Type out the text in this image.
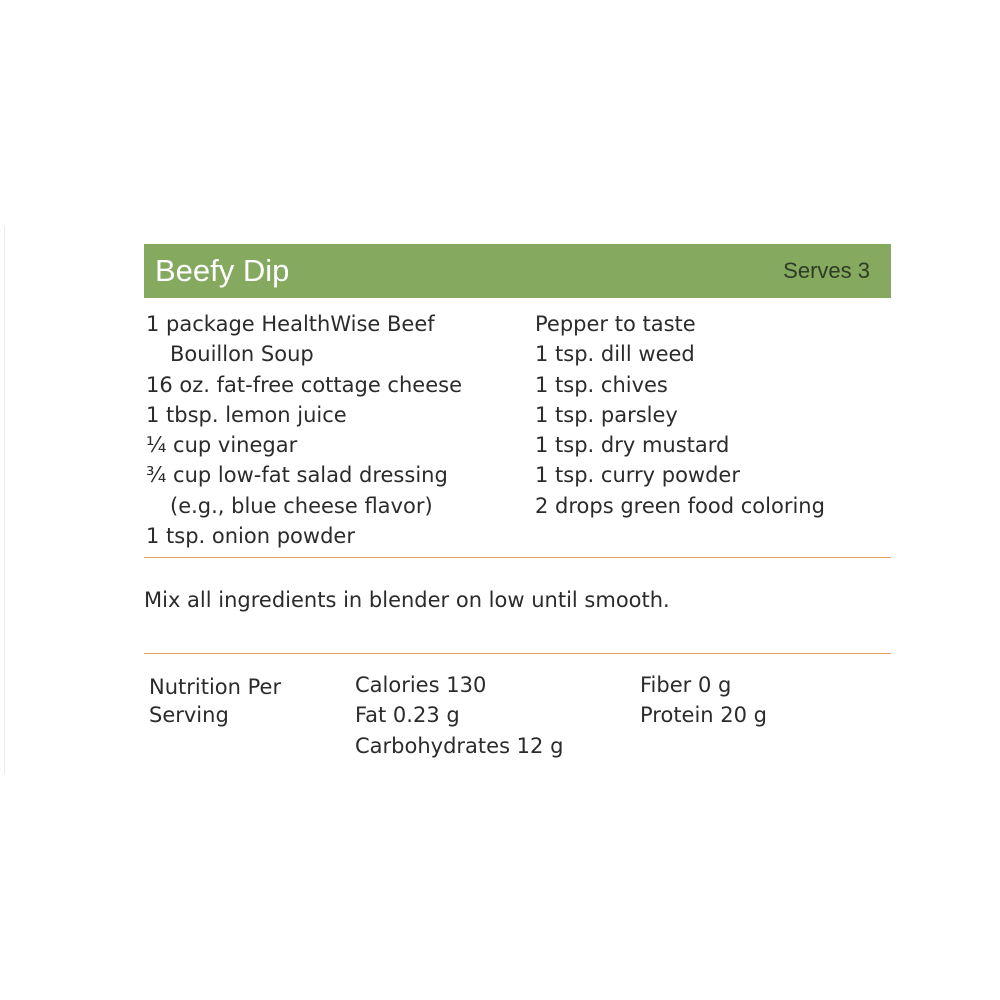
Beefy Dip	Serves 3
1 package HealthWise Beef
Bouillon Soup
16 oz. fat-free cottage cheese
1 tbsp. lemon juice
¼ cup vinegar
¾ cup low-fat salad dressing
(e.g., blue cheese flavor)
1 tsp. onion powder
Pepper to taste
1 tsp. dill weed
1 tsp. chives
1 tsp. parsley
1 tsp. dry mustard
1 tsp. curry powder
2 drops green food coloring
Mix all ingredients in blender on low until smooth.
Nutrition Per Serving
Calories 130
Fat 0.23 g
Carbohydrates 12 g
Fiber 0 g
Protein 20 g
